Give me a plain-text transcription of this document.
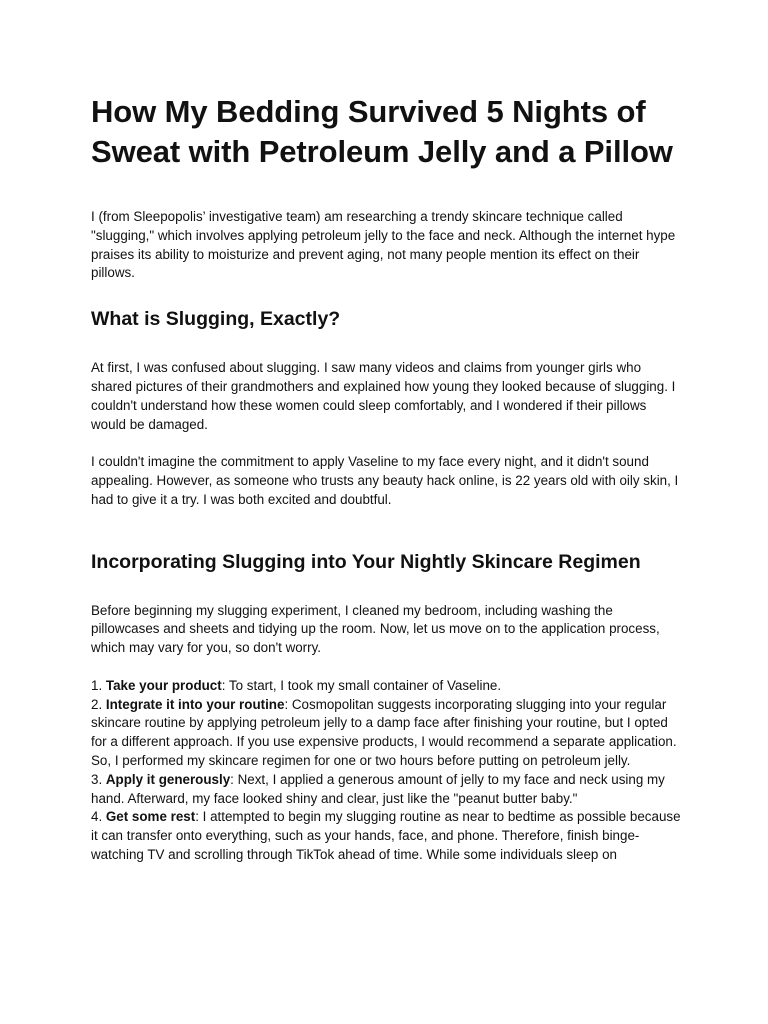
How My Bedding Survived 5 Nights of Sweat with Petroleum Jelly and a Pillow

I (from Sleepopolis’ investigative team) am researching a trendy skincare technique called "slugging," which involves applying petroleum jelly to the face and neck. Although the internet hype praises its ability to moisturize and prevent aging, not many people mention its effect on their pillows.

What is Slugging, Exactly?

At first, I was confused about slugging. I saw many videos and claims from younger girls who shared pictures of their grandmothers and explained how young they looked because of slugging. I couldn't understand how these women could sleep comfortably, and I wondered if their pillows would be damaged.

I couldn't imagine the commitment to apply Vaseline to my face every night, and it didn't sound appealing. However, as someone who trusts any beauty hack online, is 22 years old with oily skin, I had to give it a try. I was both excited and doubtful.

Incorporating Slugging into Your Nightly Skincare Regimen

Before beginning my slugging experiment, I cleaned my bedroom, including washing the pillowcases and sheets and tidying up the room. Now, let us move on to the application process, which may vary for you, so don't worry.

1. Take your product: To start, I took my small container of Vaseline.

2. Integrate it into your routine: Cosmopolitan suggests incorporating slugging into your regular skincare routine by applying petroleum jelly to a damp face after finishing your routine, but I opted for a different approach. If you use expensive products, I would recommend a separate application. So, I performed my skincare regimen for one or two hours before putting on petroleum jelly.

3. Apply it generously: Next, I applied a generous amount of jelly to my face and neck using my hand. Afterward, my face looked shiny and clear, just like the "peanut butter baby."

4. Get some rest: I attempted to begin my slugging routine as near to bedtime as possible because it can transfer onto everything, such as your hands, face, and phone. Therefore, finish binge-watching TV and scrolling through TikTok ahead of time. While some individuals sleep on
